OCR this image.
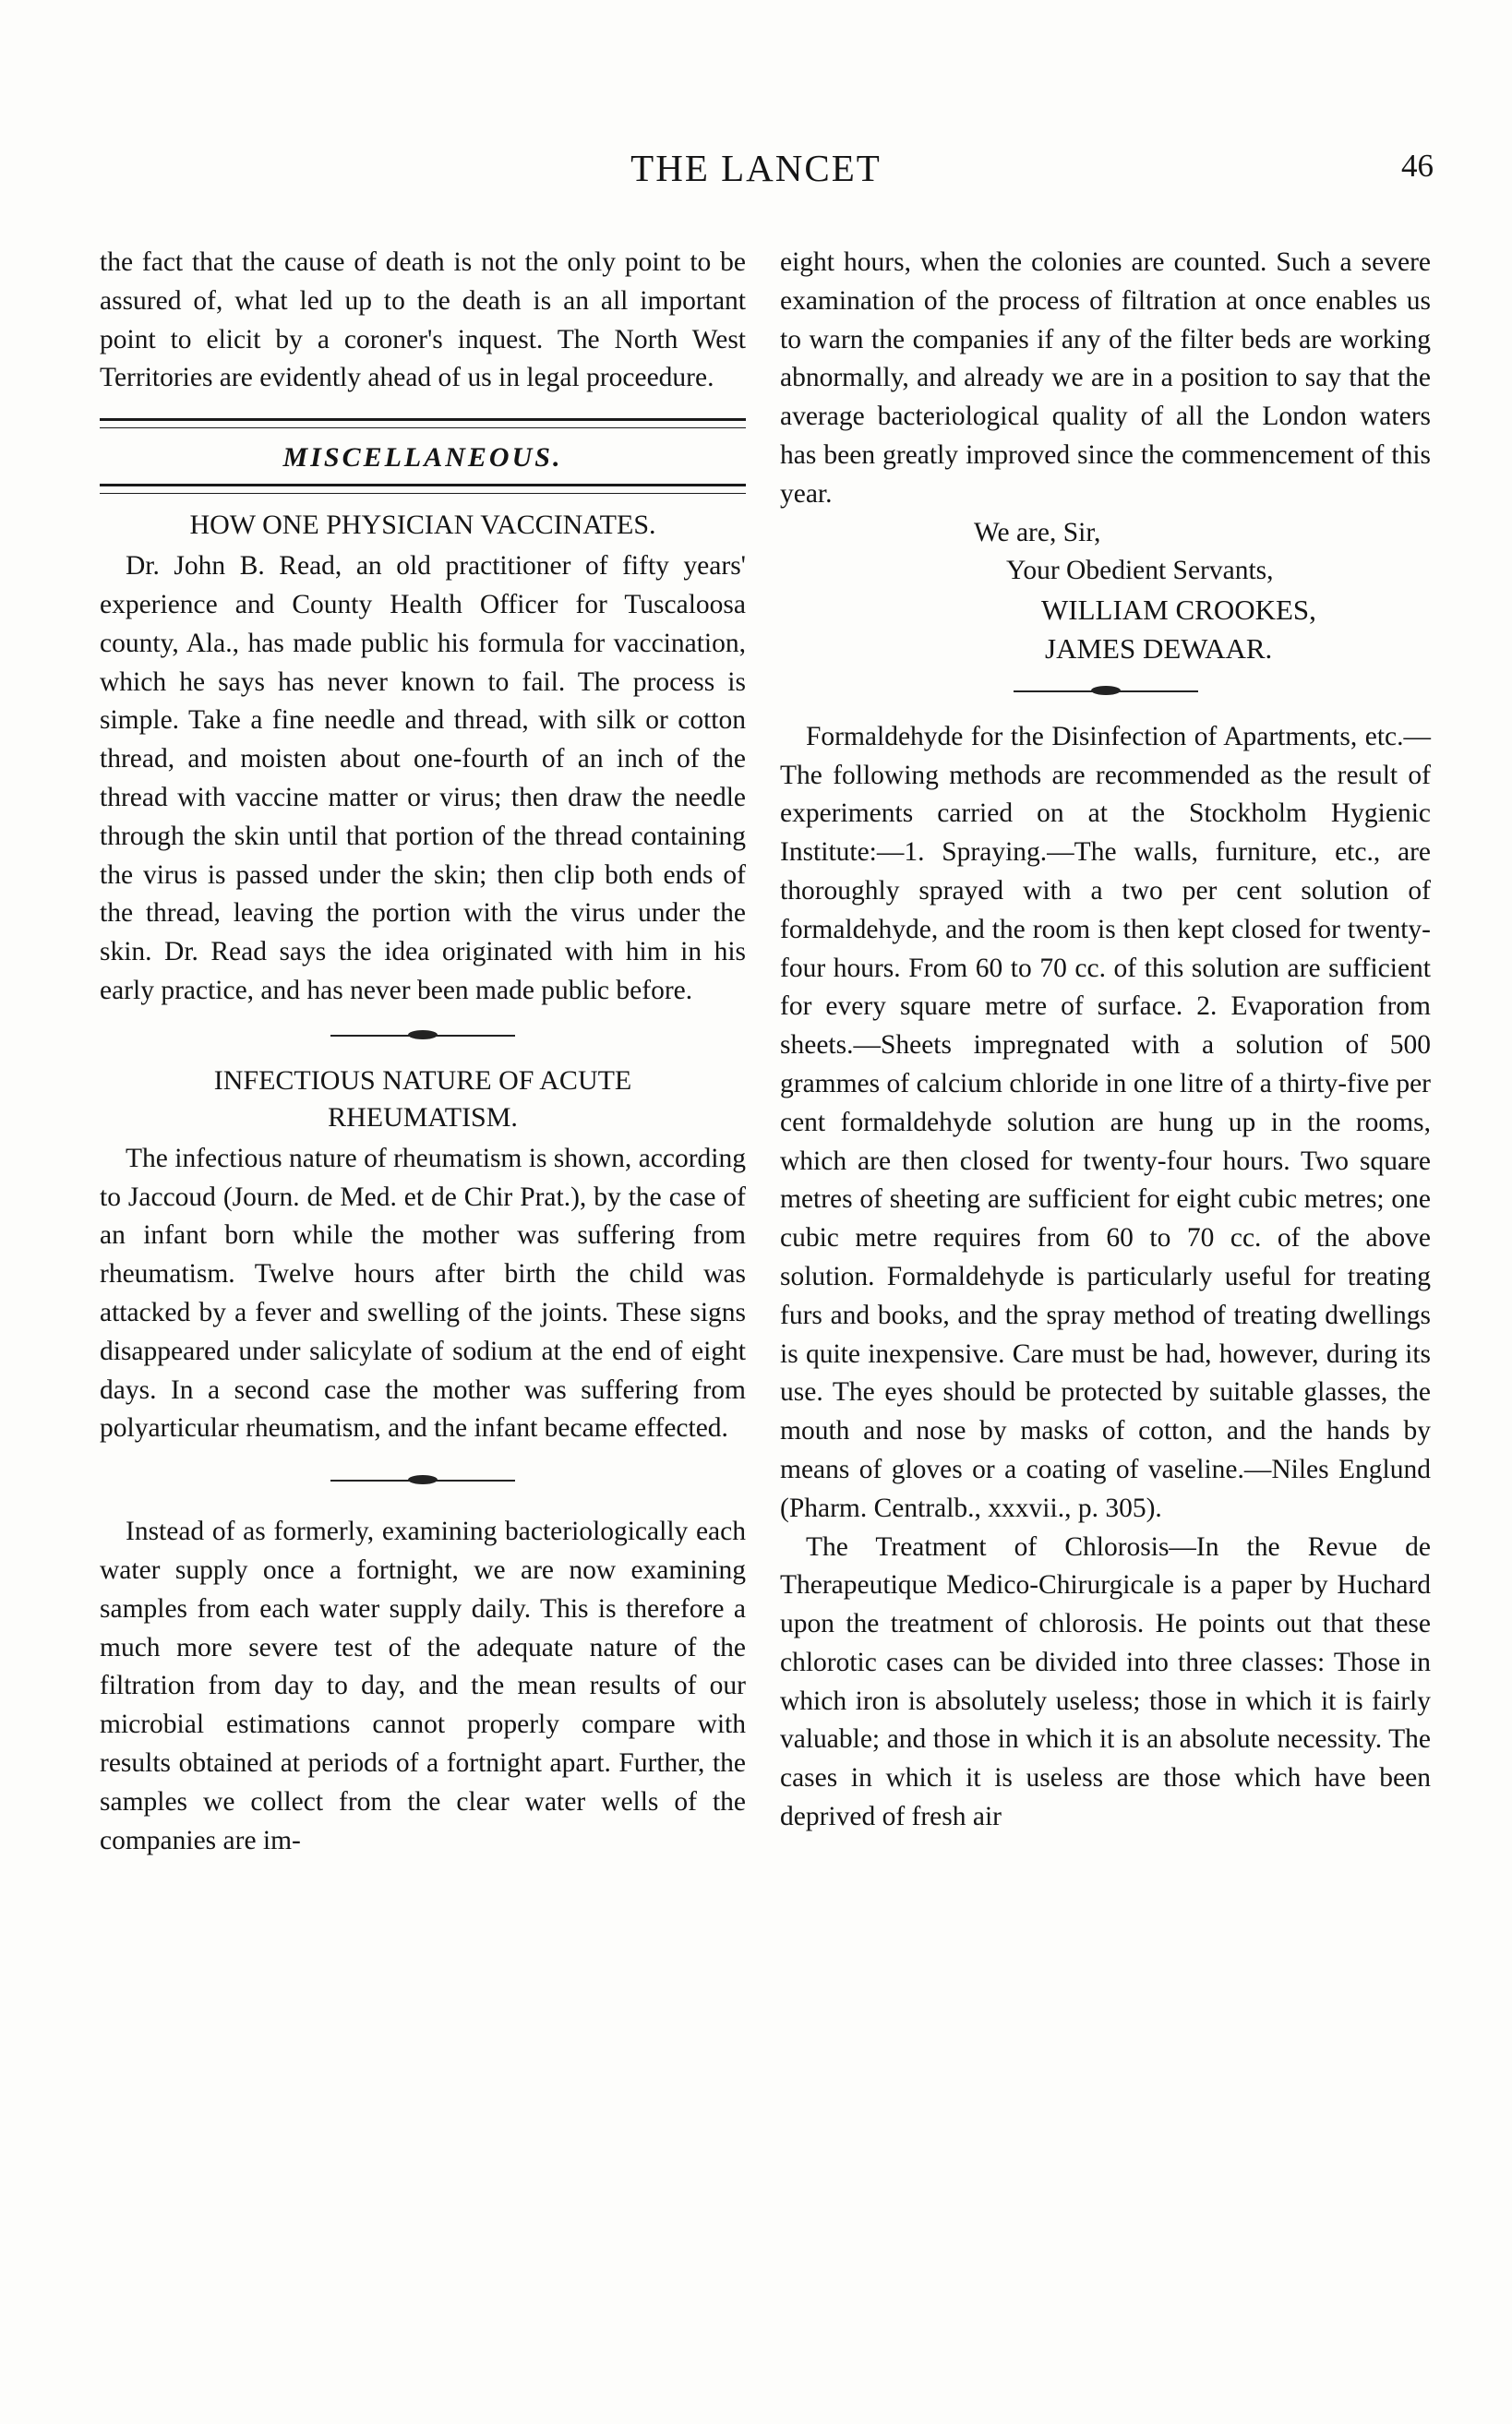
THE LANCET	46

the fact that the cause of death is not the only point to be assured of, what led up to the death is an all important point to elicit by a coroner's inquest. The North West Territories are evidently ahead of us in legal proceedure.

MISCELLANEOUS.
HOW ONE PHYSICIAN VACCINATES.

Dr. John B. Read, an old practitioner of fifty years' experience and County Health Officer for Tuscaloosa county, Ala., has made public his formula for vaccination, which he says has never known to fail. The process is simple. Take a fine needle and thread, with silk or cotton thread, and moisten about one-fourth of an inch of the thread with vaccine matter or virus; then draw the needle through the skin until that portion of the thread containing the virus is passed under the skin; then clip both ends of the thread, leaving the portion with the virus under the skin. Dr. Read says the idea originated with him in his early practice, and has never been made public before.

INFECTIOUS NATURE OF ACUTE RHEUMATISM.

The infectious nature of rheumatism is shown, according to Jaccoud (Journ. de Med. et de Chir Prat.), by the case of an infant born while the mother was suffering from rheumatism. Twelve hours after birth the child was attacked by a fever and swelling of the joints. These signs disappeared under salicylate of sodium at the end of eight days. In a second case the mother was suffering from polyarticular rheumatism, and the infant became effected.

Instead of as formerly, examining bacteriologically each water supply once a fortnight, we are now examining samples from each water supply daily. This is therefore a much more severe test of the adequate nature of the filtration from day to day, and the mean results of our microbial estimations cannot properly compare with results obtained at periods of a fortnight apart. Further, the samples we collect from the clear water wells of the companies are im-

eight hours, when the colonies are counted. Such a severe examination of the process of filtration at once enables us to warn the companies if any of the filter beds are working abnormally, and already we are in a position to say that the average bacteriological quality of all the London waters has been greatly improved since the commencement of this year.

We are, Sir,
Your Obedient Servants,
WILLIAM CROOKES,
JAMES DEWAAR.

Formaldehyde for the Disinfection of Apartments, etc.—The following methods are recommended as the result of experiments carried on at the Stockholm Hygienic Institute:—1. Spraying.—The walls, furniture, etc., are thoroughly sprayed with a two per cent solution of formaldehyde, and the room is then kept closed for twenty-four hours. From 60 to 70 cc. of this solution are sufficient for every square metre of surface. 2. Evaporation from sheets.—Sheets impregnated with a solution of 500 grammes of calcium chloride in one litre of a thirty-five per cent formaldehyde solution are hung up in the rooms, which are then closed for twenty-four hours. Two square metres of sheeting are sufficient for eight cubic metres; one cubic metre requires from 60 to 70 cc. of the above solution. Formaldehyde is particularly useful for treating furs and books, and the spray method of treating dwellings is quite inexpensive. Care must be had, however, during its use. The eyes should be protected by suitable glasses, the mouth and nose by masks of cotton, and the hands by means of gloves or a coating of vaseline.—Niles Englund (Pharm. Centralb., xxxvii., p. 305).

The Treatment of Chlorosis—In the Revue de Therapeutique Medico-Chirurgicale is a paper by Huchard upon the treatment of chlorosis. He points out that these chlorotic cases can be divided into three classes: Those in which iron is absolutely useless; those in which it is fairly valuable; and those in which it is an absolute necessity. The cases in which it is useless are those which have been deprived of fresh air
